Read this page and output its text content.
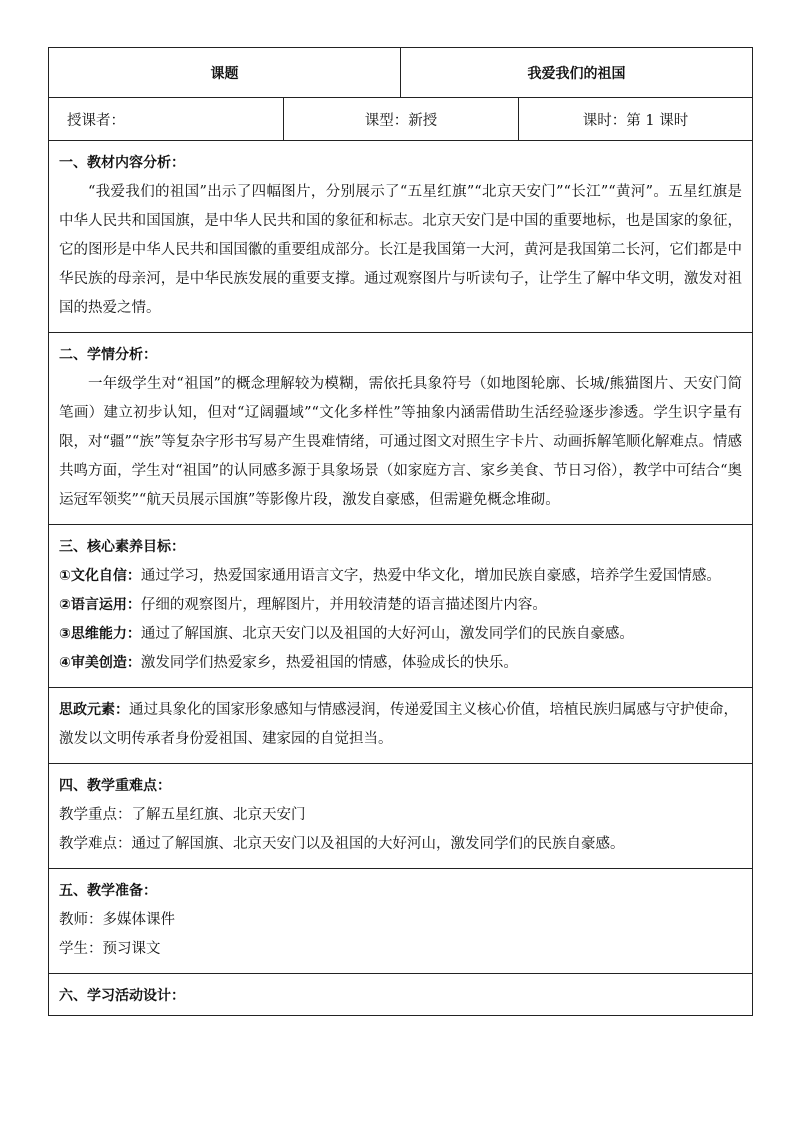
课题	我爱我们的祖国
授课者：	课型：新授	课时：第 1 课时
一、教材内容分析：
“我爱我们的祖国”出示了四幅图片，分别展示了“五星红旗”“北京天安门”“长江”“黄河”。五星红旗是中华人民共和国国旗，是中华人民共和国的象征和标志。北京天安门是中国的重要地标，也是国家的象征，它的图形是中华人民共和国国徽的重要组成部分。长江是我国第一大河，黄河是我国第二长河，它们都是中华民族的母亲河，是中华民族发展的重要支撑。通过观察图片与听读句子，让学生了解中华文明，激发对祖国的热爱之情。
二、学情分析：
一年级学生对“祖国”的概念理解较为模糊，需依托具象符号（如地图轮廓、长城/熊猫图片、天安门简笔画）建立初步认知，但对“辽阔疆域”“文化多样性”等抽象内涵需借助生活经验逐步渗透。学生识字量有限，对“疆”“族”等复杂字形书写易产生畏难情绪，可通过图文对照生字卡片、动画拆解笔顺化解难点。情感共鸣方面，学生对“祖国”的认同感多源于具象场景（如家庭方言、家乡美食、节日习俗），教学中可结合“奥运冠军领奖”“航天员展示国旗”等影像片段，激发自豪感，但需避免概念堆砌。
三、核心素养目标：

①文化自信：通过学习，热爱国家通用语言文字，热爱中华文化，增加民族自豪感，培养学生爱国情感。

②语言运用：仔细的观察图片，理解图片，并用较清楚的语言描述图片内容。

③思维能力：通过了解国旗、北京天安门以及祖国的大好河山，激发同学们的民族自豪感。

④审美创造：激发同学们热爱家乡，热爱祖国的情感，体验成长的快乐。

思政元素：通过具象化的国家形象感知与情感浸润，传递爱国主义核心价值，培植民族归属感与守护使命，激发以文明传承者身份爱祖国、建家园的自觉担当。

四、教学重难点：

教学重点：了解五星红旗、北京天安门

教学难点：通过了解国旗、北京天安门以及祖国的大好河山，激发同学们的民族自豪感。

五、教学准备：

教师：多媒体课件

学生：预习课文

六、学习活动设计：
